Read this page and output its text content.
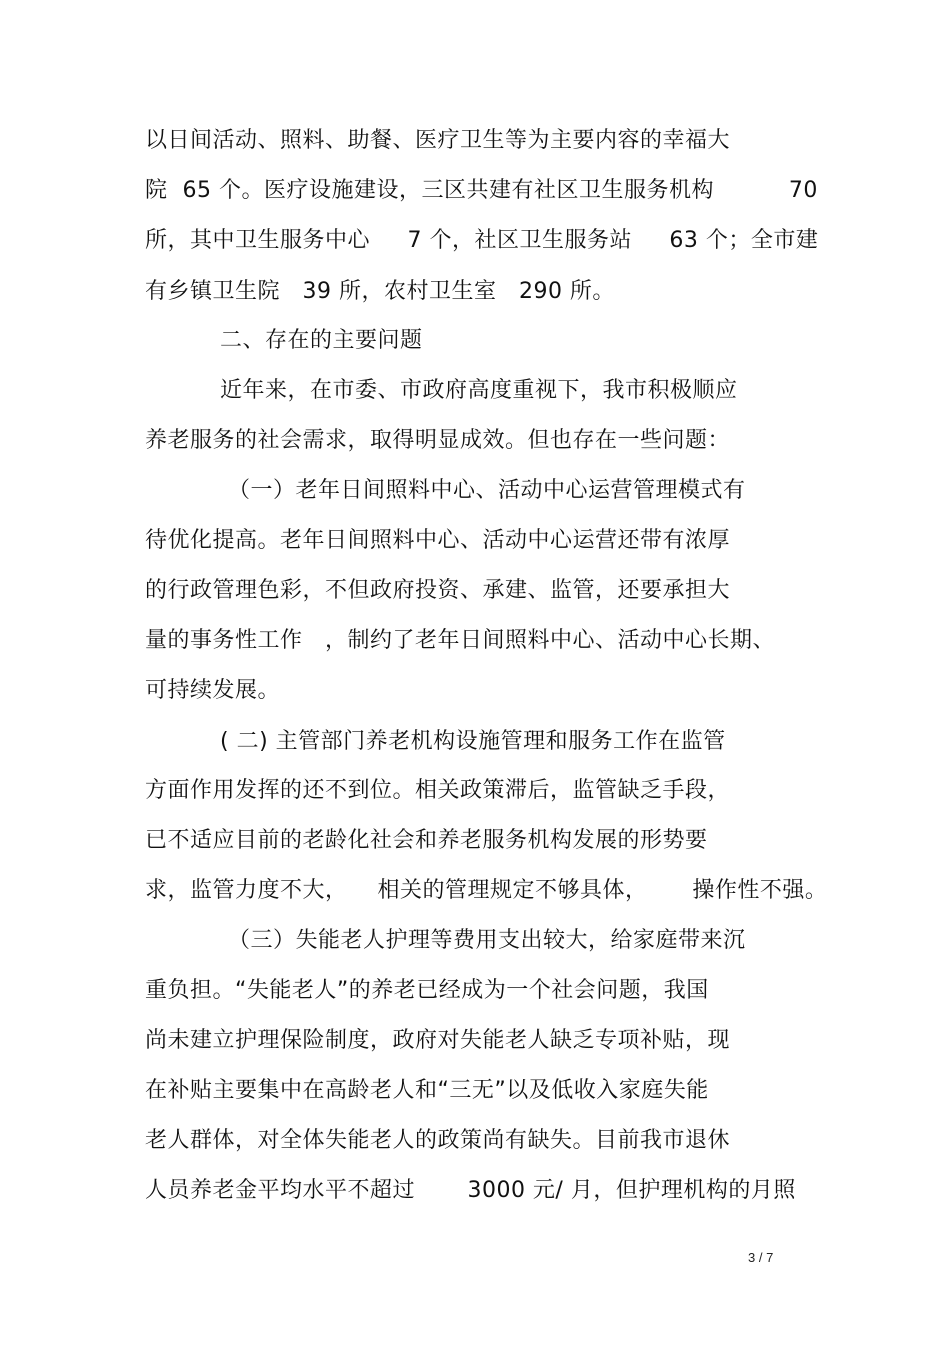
以日间活动、照料、助餐、医疗卫生等为主要内容的幸福大
院  65 个。医疗设施建设，三区共建有社区卫生服务机构          70
所，其中卫生服务中心     7 个，社区卫生服务站     63 个；全市建
有乡镇卫生院   39 所，农村卫生室   290 所。
二、存在的主要问题
近年来，在市委、市政府高度重视下，我市积极顺应
养老服务的社会需求，取得明显成效。但也存在一些问题：
（一）老年日间照料中心、活动中心运营管理模式有
待优化提高。老年日间照料中心、活动中心运营还带有浓厚
的行政管理色彩，不但政府投资、承建、监管，还要承担大
量的事务性工作   ，制约了老年日间照料中心、活动中心长期、
可持续发展。
( 二) 主管部门养老机构设施管理和服务工作在监管
方面作用发挥的还不到位。相关政策滞后，监管缺乏手段，
已不适应目前的老龄化社会和养老服务机构发展的形势要
求，监管力度不大，    相关的管理规定不够具体，      操作性不强。
（三）失能老人护理等费用支出较大，给家庭带来沉
重负担。“失能老人”的养老已经成为一个社会问题，我国
尚未建立护理保险制度，政府对失能老人缺乏专项补贴，现
在补贴主要集中在高龄老人和“三无”以及低收入家庭失能
老人群体，对全体失能老人的政策尚有缺失。目前我市退休
人员养老金平均水平不超过       3000 元/ 月，但护理机构的月照
3 / 7
